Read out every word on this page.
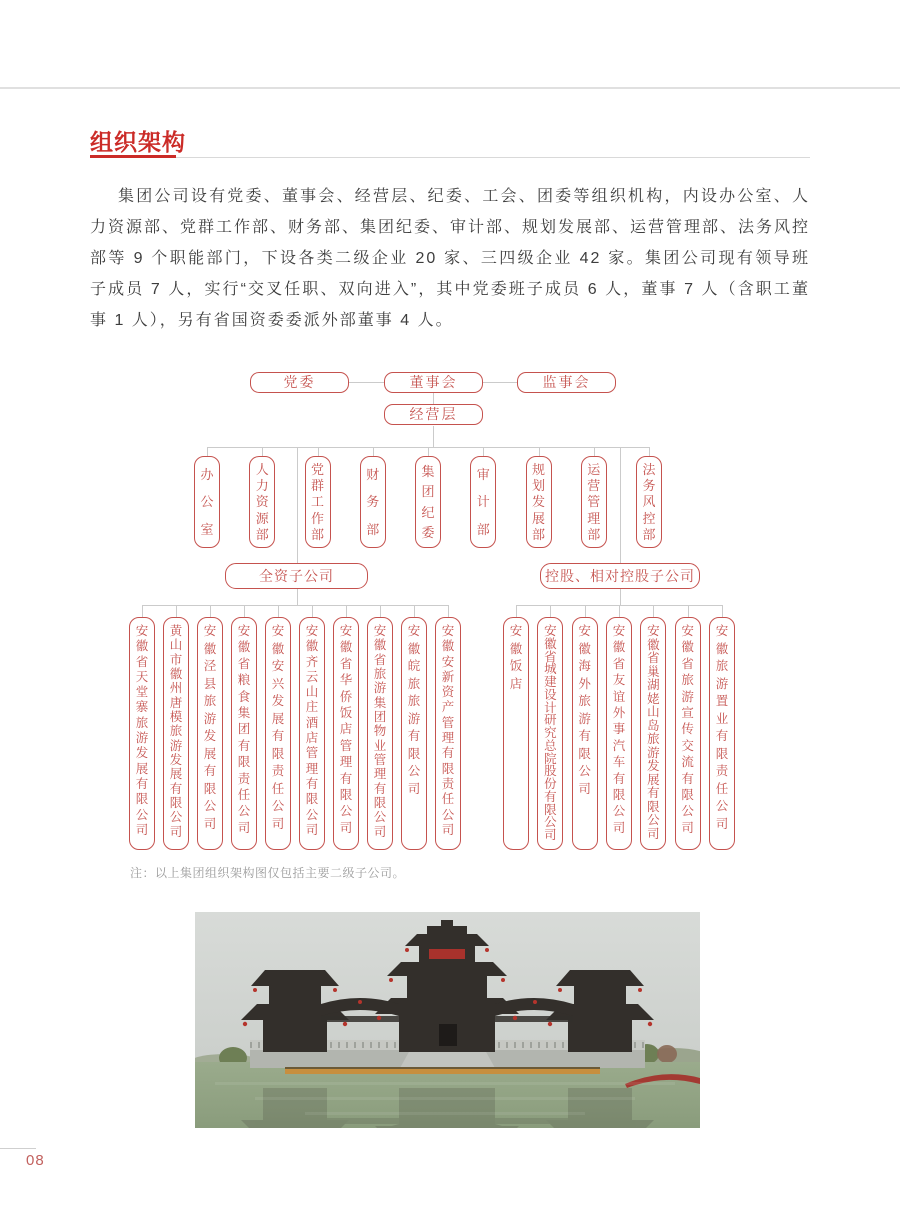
组织架构

集团公司设有党委、董事会、经营层、纪委、工会、团委等组织机构，内设办公室、人力资源部、党群工作部、财务部、集团纪委、审计部、规划发展部、运营管理部、法务风控部等 9 个职能部门，下设各类二级企业 20 家、三四级企业 42 家。集团公司现有领导班子成员 7 人，实行“交叉任职、双向进入”，其中党委班子成员 6 人，董事 7 人（含职工董事 1 人），另有省国资委委派外部董事 4 人。

全资子公司	控股、相对控股子公司
党委	董事会	监事会
经营层
办
公
室
人
力
资
源
部
党
群
工
作
部
财
务
部
集
团
纪
委
审
计
部
规
划
发
展
部
运
营
管
理
部
法
务
风
控
部
安
徽
省
天
堂
寨
旅
游
发
展
有
限
公
司
黄
山
市
徽
州
唐
模
旅
游
发
展
有
限
公
司
安
徽
泾
县
旅
游
发
展
有
限
公
司
安
徽
省
粮
食
集
团
有
限
责
任
公
司
安
徽
安
兴
发
展
有
限
责
任
公
司
安
徽
齐
云
山
庄
酒
店
管
理
有
限
公
司
安
徽
省
华
侨
饭
店
管
理
有
限
公
司
安
徽
省
旅
游
集
团
物
业
管
理
有
限
公
司
安
徽
皖
旅
旅
游
有
限
公
司
安
徽
安
新
资
产
管
理
有
限
责
任
公
司
安
徽
饭
店
安
徽
省
城
建
设
计
研
究
总
院
股
份
有
限
公
司
安
徽
海
外
旅
游
有
限
公
司
安
徽
省
友
谊
外
事
汽
车
有
限
公
司
安
徽
省
巢
湖
姥
山
岛
旅
游
发
展
有
限
公
司
安
徽
省
旅
游
宣
传
交
流
有
限
公
司
安
徽
旅
游
置
业
有
限
责
任
公
司
注：以上集团组织架构图仅包括主要二级子公司。
08
